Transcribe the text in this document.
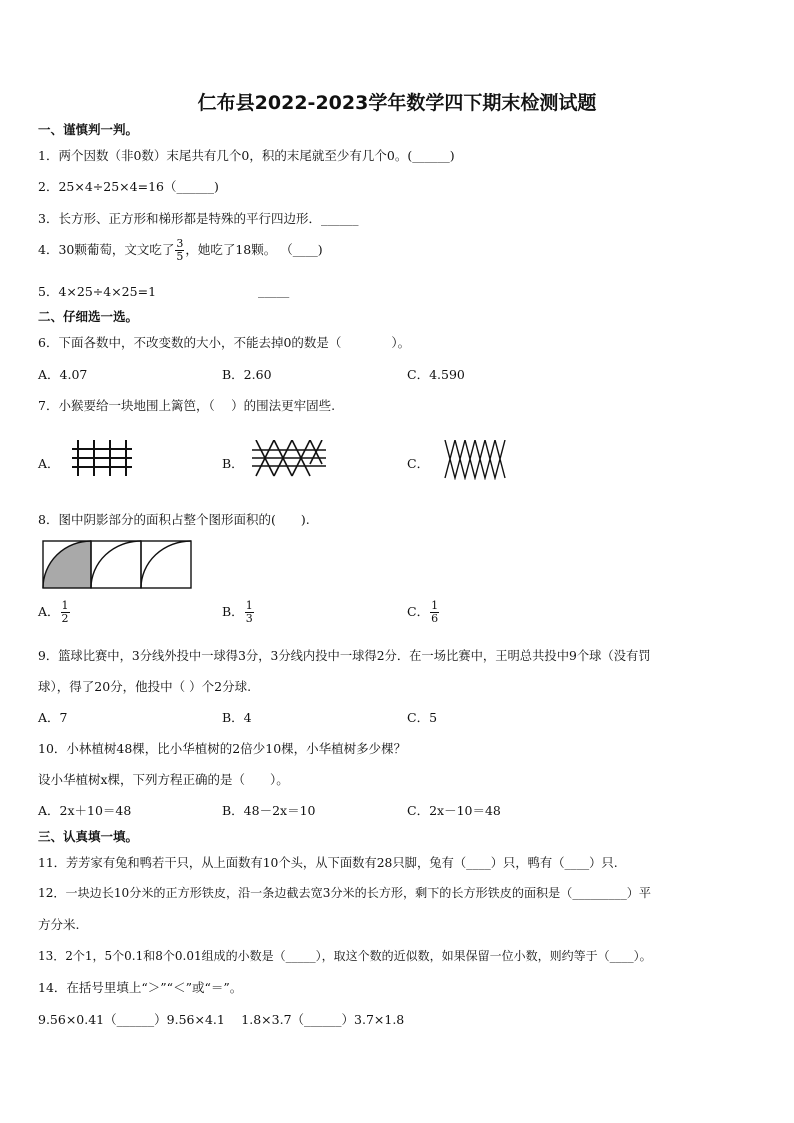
仁布县2022-2023学年数学四下期末检测试题
一、谨慎判一判。
1．两个因数（非0数）末尾共有几个0，积的末尾就至少有几个0。(______)
2．25×4÷25×4=16（______)
3．长方形、正方形和梯形都是特殊的平行四边形．______
4．30颗葡萄，文文吃了 $\frac{3}{5}$ ，她吃了18颗。 （____)
5．4×25÷4×25=1	_____
二、仔细选一选。
6．下面各数中，不改变数的大小，不能去掉0的数是（　　　　）。
A．4.07	B．2.60	C．4.590
7．小猴要给一块地围上篱笆，（　 ）的围法更牢固些.
A．	B．	C．
8．图中阴影部分的面积占整个图形面积的(　　).
A． $\frac{1}{2}$	B． $\frac{1}{3}$	C． $\frac{1}{6}$
9．篮球比赛中，3分线外投中一球得3分，3分线内投中一球得2分．在一场比赛中，王明总共投中9个球（没有罚
球），得了20分，他投中（ ）个2分球.
A．7	B．4	C．5
10．小林植树48棵，比小华植树的2倍少10棵，小华植树多少棵？
设小华植树x棵，下列方程正确的是（　　）。
A．2x＋10＝48	B．48－2x＝10	C．2x－10＝48
三、认真填一填。
11．芳芳家有兔和鸭若干只，从上面数有10个头，从下面数有28只脚，兔有（____）只，鸭有（____）只.
12．一块边长10分米的正方形铁皮，沿一条边截去宽3分米的长方形，剩下的长方形铁皮的面积是（_________）平
方分米.
13．2个1，5个0.1和8个0.01组成的小数是（_____），取这个数的近似数，如果保留一位小数，则约等于（____）。
14．在括号里填上“＞”“＜”或“＝”。
9.56×0.41（______）9.56×4.1　 1.8×3.7（______）3.7×1.8
